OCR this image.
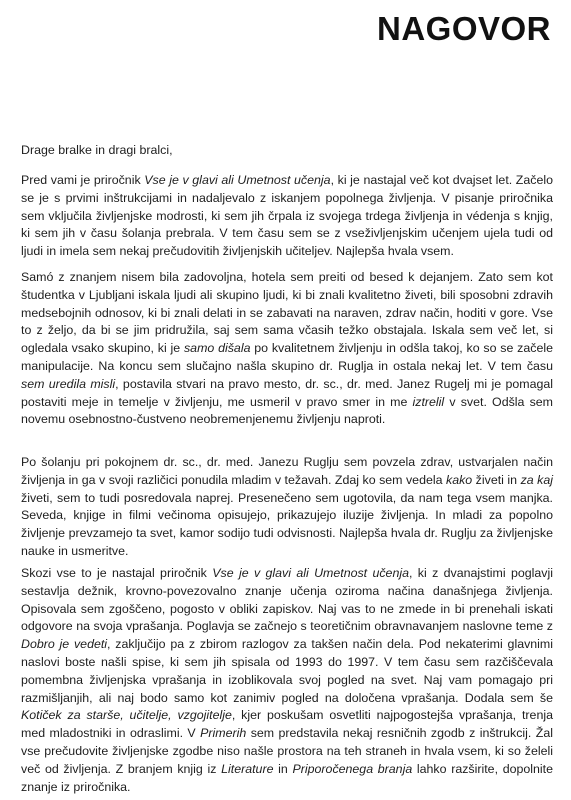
NAGOVOR

Drage bralke in dragi bralci,

Pred vami je priročnik Vse je v glavi ali Umetnost učenja, ki je nastajal več kot dvajset let. Začelo se je s prvimi inštrukcijami in nadaljevalo z iskanjem popolnega življenja. V pisanje priročnika sem vključila življenjske modrosti, ki sem jih črpala iz svojega trdega življenja in védenja s knjig, ki sem jih v času šolanja prebrala. V tem času sem se z vseživljenjskim učenjem ujela tudi od ljudi in imela sem nekaj prečudovitih življenjskih učiteljev. Najlepša hvala vsem.

Samó z znanjem nisem bila zadovoljna, hotela sem preiti od besed k dejanjem. Zato sem kot študentka v Ljubljani iskala ljudi ali skupino ljudi, ki bi znali kvalitetno živeti, bili sposobni zdravih medsebojnih odnosov, ki bi znali delati in se zabavati na naraven, zdrav način, hoditi v gore. Vse to z željo, da bi se jim pridružila, saj sem sama včasih težko obstajala. Iskala sem več let, si ogledala vsako skupino, ki je samo dišala po kvalitetnem življenju in odšla takoj, ko so se začele manipulacije. Na koncu sem slučajno našla skupino dr. Ruglja in ostala nekaj let. V tem času sem uredila misli, postavila stvari na pravo mesto, dr. sc., dr. med. Janez Rugelj mi je pomagal postaviti meje in temelje v življenju, me usmeril v pravo smer in me iztrelil v svet. Odšla sem novemu osebnostno-čustveno neobremenjenemu življenju naproti.

Po šolanju pri pokojnem dr. sc., dr. med. Janezu Ruglju sem povzela zdrav, ustvarjalen način življenja in ga v svoji različici ponudila mladim v težavah. Zdaj ko sem vedela kako živeti in za kaj živeti, sem to tudi posredovala naprej. Presenečeno sem ugotovila, da nam tega vsem manjka. Seveda, knjige in filmi večinoma opisujejo, prikazujejo iluzije življenja. In mladi za popolno življenje prevzamejo ta svet, kamor sodijo tudi odvisnosti. Najlepša hvala dr. Ruglju za življenjske nauke in usmeritve.

Skozi vse to je nastajal priročnik Vse je v glavi ali Umetnost učenja, ki z dvanajstimi poglavji sestavlja dežnik, krovno-povezovalno znanje učenja oziroma načina današnjega življenja. Opisovala sem zgoščeno, pogosto v obliki zapiskov. Naj vas to ne zmede in bi prenehali iskati odgovore na svoja vprašanja. Poglavja se začnejo s teoretičnim obravnavanjem naslovne teme z Dobro je vedeti, zaključijo pa z zbirom razlogov za takšen način dela. Pod nekaterimi glavnimi naslovi boste našli spise, ki sem jih spisala od 1993 do 1997. V tem času sem razčiščevala pomembna življenjska vprašanja in izoblikovala svoj pogled na svet. Naj vam pomagajo pri razmišljanjih, ali naj bodo samo kot zanimiv pogled na določena vprašanja. Dodala sem še Kotiček za starše, učitelje, vzgojitelje, kjer poskušam osvetliti najpogostejša vprašanja, trenja med mladostniki in odraslimi. V Primerih sem predstavila nekaj resničnih zgodb z inštrukcij. Žal vse prečudovite življenjske zgodbe niso našle prostora na teh straneh in hvala vsem, ki so želeli več od življenja. Z branjem knjig iz Literature in Priporočenega branja lahko razširite, dopolnite znanje iz priročnika.
